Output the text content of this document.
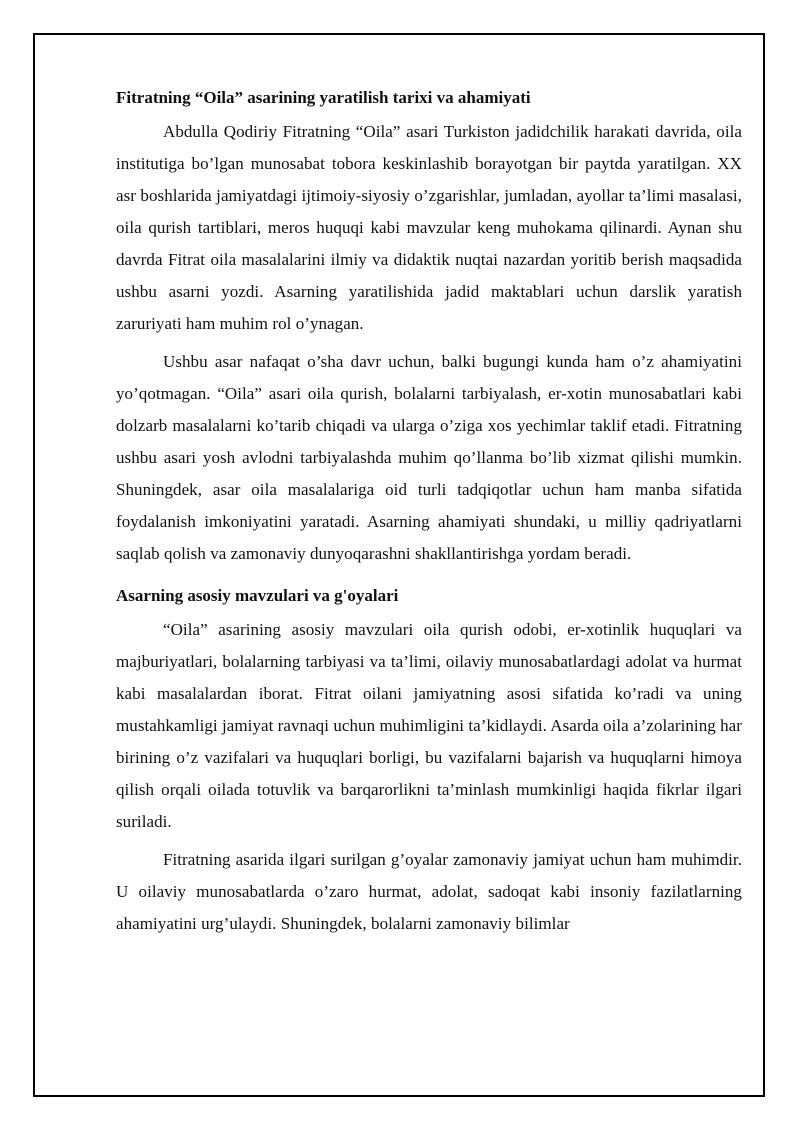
Fitratning “Oila” asarining yaratilish tarixi va ahamiyati

Abdulla Qodiriy Fitratning “Oila” asari Turkiston jadidchilik harakati davrida, oila institutiga bo’lgan munosabat tobora keskinlashib borayotgan bir paytda yaratilgan. XX asr boshlarida jamiyatdagi ijtimoiy-siyosiy o’zgarishlar, jumladan, ayollar ta’limi masalasi, oila qurish tartiblari, meros huquqi kabi mavzular keng muhokama qilinardi. Aynan shu davrda Fitrat oila masalalarini ilmiy va didaktik nuqtai nazardan yoritib berish maqsadida ushbu asarni yozdi. Asarning yaratilishida jadid maktablari uchun darslik yaratish zaruriyati ham muhim rol o’ynagan.

Ushbu asar nafaqat o’sha davr uchun, balki bugungi kunda ham o’z ahamiyatini yo’qotmagan. “Oila” asari oila qurish, bolalarni tarbiyalash, er-xotin munosabatlari kabi dolzarb masalalarni ko’tarib chiqadi va ularga o’ziga xos yechimlar taklif etadi. Fitratning ushbu asari yosh avlodni tarbiyalashda muhim qo’llanma bo’lib xizmat qilishi mumkin. Shuningdek, asar oila masalalariga oid turli tadqiqotlar uchun ham manba sifatida foydalanish imkoniyatini yaratadi. Asarning ahamiyati shundaki, u milliy qadriyatlarni saqlab qolish va zamonaviy dunyoqarashni shakllantirishga yordam beradi.

Asarning asosiy mavzulari va g'oyalari

“Oila” asarining asosiy mavzulari oila qurish odobi, er-xotinlik huquqlari va majburiyatlari, bolalarning tarbiyasi va ta’limi, oilaviy munosabatlardagi adolat va hurmat kabi masalalardan iborat. Fitrat oilani jamiyatning asosi sifatida ko’radi va uning mustahkamligi jamiyat ravnaqi uchun muhimligini ta’kidlaydi. Asarda oila a’zolarining har birining o’z vazifalari va huquqlari borligi, bu vazifalarni bajarish va huquqlarni himoya qilish orqali oilada totuvlik va barqarorlikni ta’minlash mumkinligi haqida fikrlar ilgari suriladi.

Fitratning asarida ilgari surilgan g’oyalar zamonaviy jamiyat uchun ham muhimdir. U oilaviy munosabatlarda o’zaro hurmat, adolat, sadoqat kabi insoniy fazilatlarning ahamiyatini urg’ulaydi. Shuningdek, bolalarni zamonaviy bilimlar
